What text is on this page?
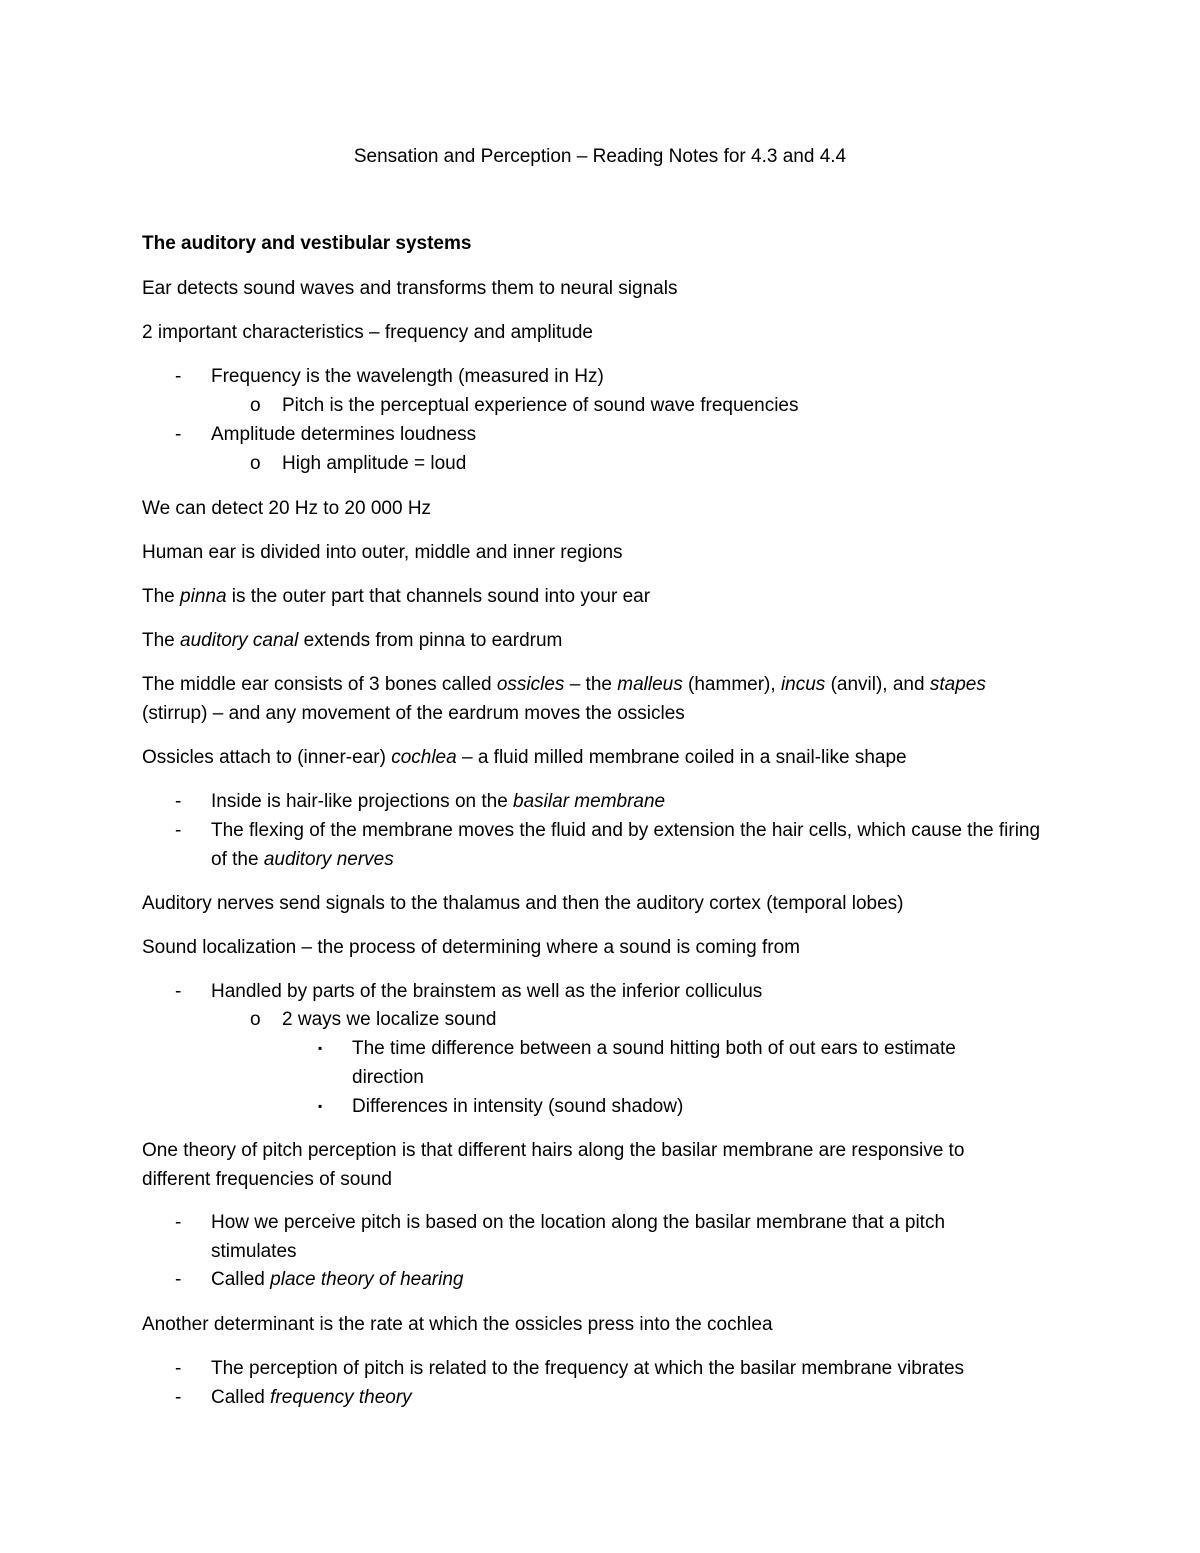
Sensation and Perception – Reading Notes for 4.3 and 4.4
The auditory and vestibular systems
Ear detects sound waves and transforms them to neural signals
2 important characteristics – frequency and amplitude
- Frequency is the wavelength (measured in Hz)
o Pitch is the perceptual experience of sound wave frequencies
- Amplitude determines loudness
o High amplitude = loud
We can detect 20 Hz to 20 000 Hz
Human ear is divided into outer, middle and inner regions
The pinna is the outer part that channels sound into your ear
The auditory canal extends from pinna to eardrum
The middle ear consists of 3 bones called ossicles – the malleus (hammer), incus (anvil), and stapes (stirrup) – and any movement of the eardrum moves the ossicles
Ossicles attach to (inner-ear) cochlea – a fluid milled membrane coiled in a snail-like shape
- Inside is hair-like projections on the basilar membrane
- The flexing of the membrane moves the fluid and by extension the hair cells, which cause the firing of the auditory nerves
Auditory nerves send signals to the thalamus and then the auditory cortex (temporal lobes)
Sound localization – the process of determining where a sound is coming from
- Handled by parts of the brainstem as well as the inferior colliculus
o 2 ways we localize sound
▪ The time difference between a sound hitting both of out ears to estimate direction
▪ Differences in intensity (sound shadow)
One theory of pitch perception is that different hairs along the basilar membrane are responsive to different frequencies of sound
- How we perceive pitch is based on the location along the basilar membrane that a pitch stimulates
- Called place theory of hearing
Another determinant is the rate at which the ossicles press into the cochlea
- The perception of pitch is related to the frequency at which the basilar membrane vibrates
- Called frequency theory
